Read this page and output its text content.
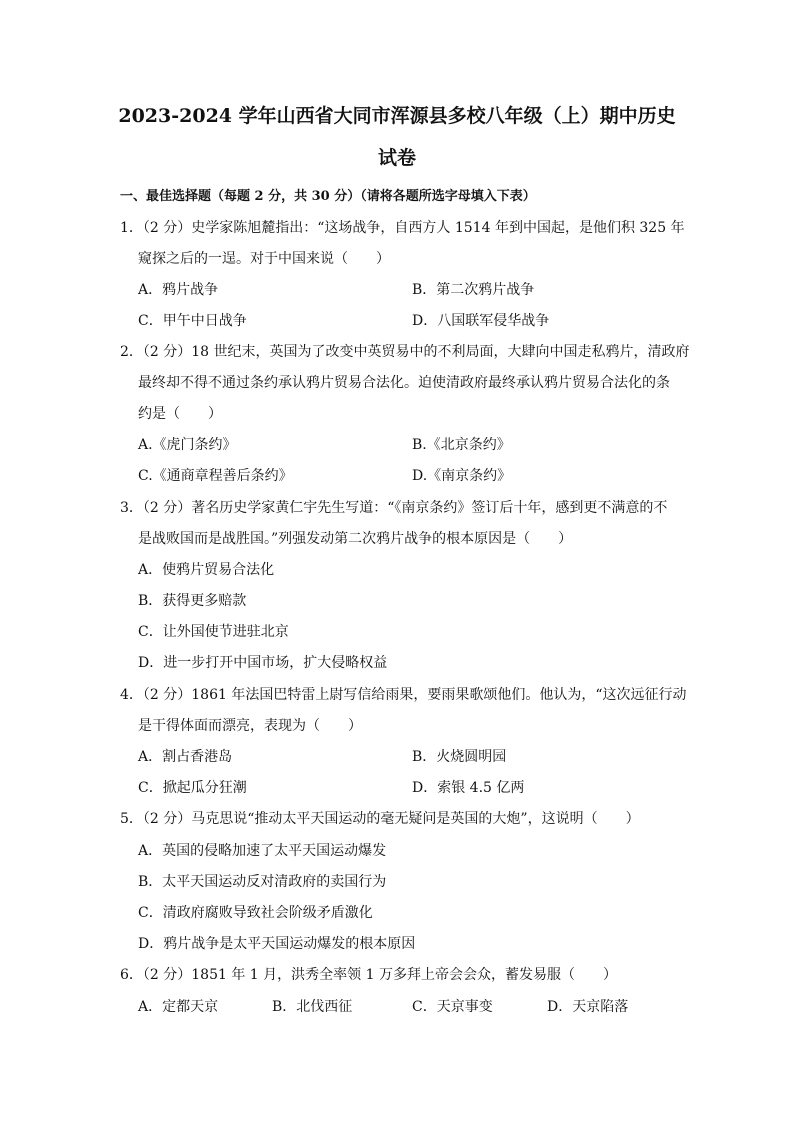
2023-2024 学年山西省大同市浑源县多校八年级（上）期中历史
试卷
一、最佳选择题（每题 2 分，共 30 分）（请将各题所选字母填入下表）
1．（2 分）史学家陈旭麓指出：“这场战争，自西方人 1514 年到中国起，是他们积 325 年
窥探之后的一逞。对于中国来说（　　）
A．鸦片战争	B．第二次鸦片战争
C．甲午中日战争	D．八国联军侵华战争
2．（2 分）18 世纪末，英国为了改变中英贸易中的不利局面，大肆向中国走私鸦片，清政府
最终却不得不通过条约承认鸦片贸易合法化。迫使清政府最终承认鸦片贸易合法化的条
约是（　　）
A.《虎门条约》	B.《北京条约》
C.《通商章程善后条约》	D.《南京条约》
3．（2 分）著名历史学家黄仁宇先生写道：“《南京条约》签订后十年，感到更不满意的不
是战败国而是战胜国。”列强发动第二次鸦片战争的根本原因是（　　）
A．使鸦片贸易合法化
B．获得更多赔款
C．让外国使节进驻北京
D．进一步打开中国市场，扩大侵略权益
4．（2 分）1861 年法国巴特雷上尉写信给雨果，要雨果歌颂他们。他认为，“这次远征行动
是干得体面而漂亮，表现为（　　）
A．割占香港岛	B．火烧圆明园
C．掀起瓜分狂潮	D．索银 4.5 亿两
5．（2 分）马克思说“推动太平天国运动的毫无疑问是英国的大炮”，这说明（　　）
A．英国的侵略加速了太平天国运动爆发
B．太平天国运动反对清政府的卖国行为
C．清政府腐败导致社会阶级矛盾激化
D．鸦片战争是太平天国运动爆发的根本原因
6．（2 分）1851 年 1 月，洪秀全率领 1 万多拜上帝会会众，蓄发易服（　　）
A．定都天京	B．北伐西征	C．天京事变	D．天京陷落
